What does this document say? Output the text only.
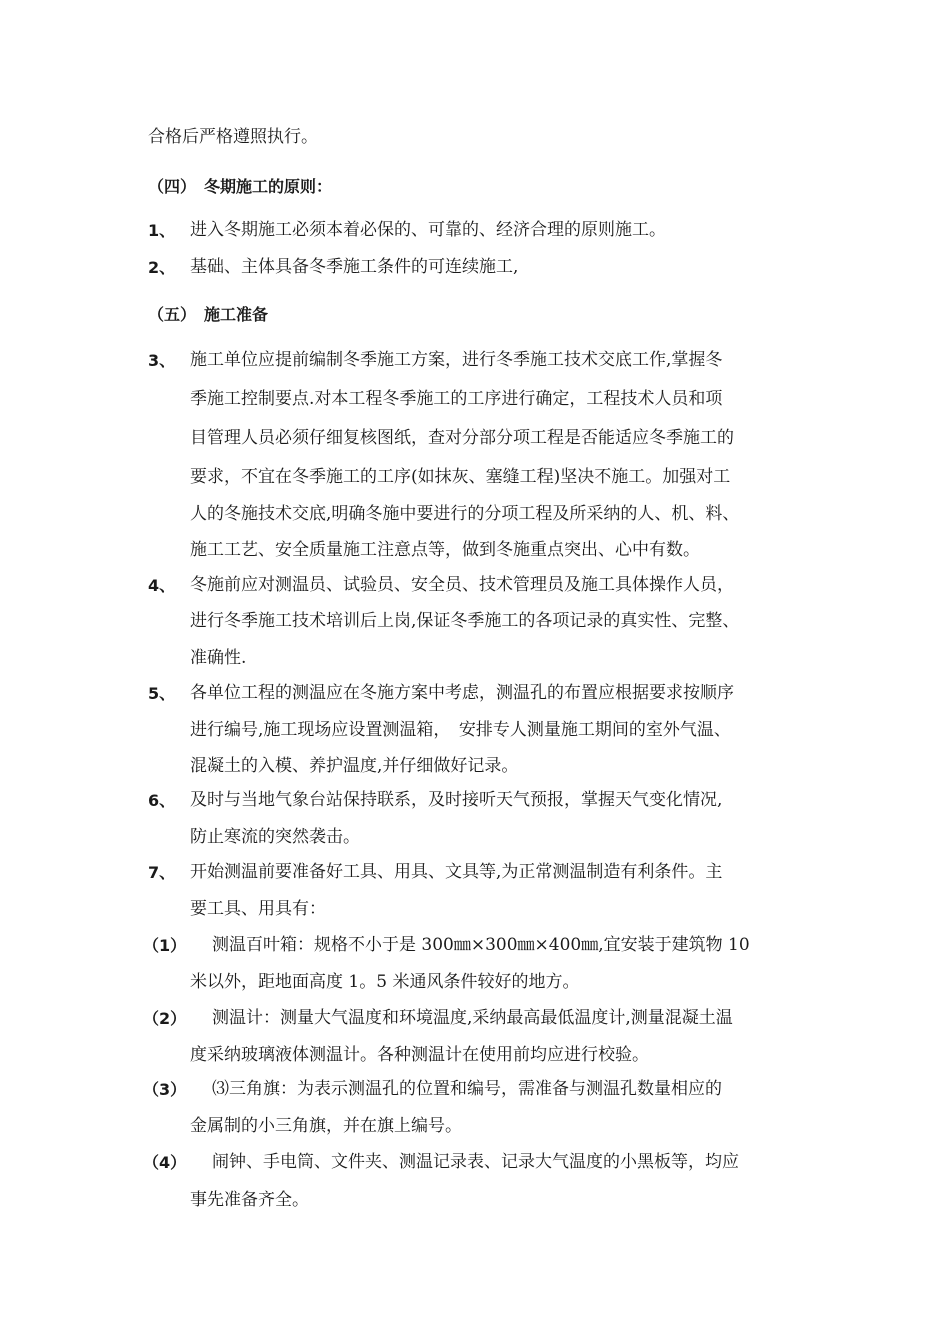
合格后严格遵照执行。
（四）　冬期施工的原则：
1、 进入冬期施工必须本着必保的、可靠的、经济合理的原则施工。
2、 基础、主体具备冬季施工条件的可连续施工,
（五）　施工准备
3、 施工单位应提前编制冬季施工方案，进行冬季施工技术交底工作,掌握冬
季施工控制要点.对本工程冬季施工的工序进行确定，工程技术人员和项
目管理人员必须仔细复核图纸，查对分部分项工程是否能适应冬季施工的
要求，不宜在冬季施工的工序(如抹灰、塞缝工程)坚决不施工。加强对工
人的冬施技术交底,明确冬施中要进行的分项工程及所采纳的人、机、料、
施工工艺、安全质量施工注意点等，做到冬施重点突出、心中有数。
4、 冬施前应对测温员、试验员、安全员、技术管理员及施工具体操作人员，
进行冬季施工技术培训后上岗,保证冬季施工的各项记录的真实性、完整、
准确性.
5、 各单位工程的测温应在冬施方案中考虑，测温孔的布置应根据要求按顺序
进行编号,施工现场应设置测温箱，　安排专人测量施工期间的室外气温、
混凝土的入模、养护温度,并仔细做好记录。
6、 及时与当地气象台站保持联系，及时接听天气预报，掌握天气变化情况,
防止寒流的突然袭击。
7、 开始测温前要准备好工具、用具、文具等,为正常测温制造有利条件。主
要工具、用具有：
（1） 测温百叶箱：规格不小于是 300㎜×300㎜×400㎜,宜安装于建筑物 10
米以外，距地面高度 1。5 米通风条件较好的地方。
（2） 测温计：测量大气温度和环境温度,采纳最高最低温度计,测量混凝土温
度采纳玻璃液体测温计。各种测温计在使用前均应进行校验。
（3） ⑶三角旗：为表示测温孔的位置和编号，需准备与测温孔数量相应的
金属制的小三角旗，并在旗上编号。
（4） 闹钟、手电筒、文件夹、测温记录表、记录大气温度的小黑板等，均应
事先准备齐全。
